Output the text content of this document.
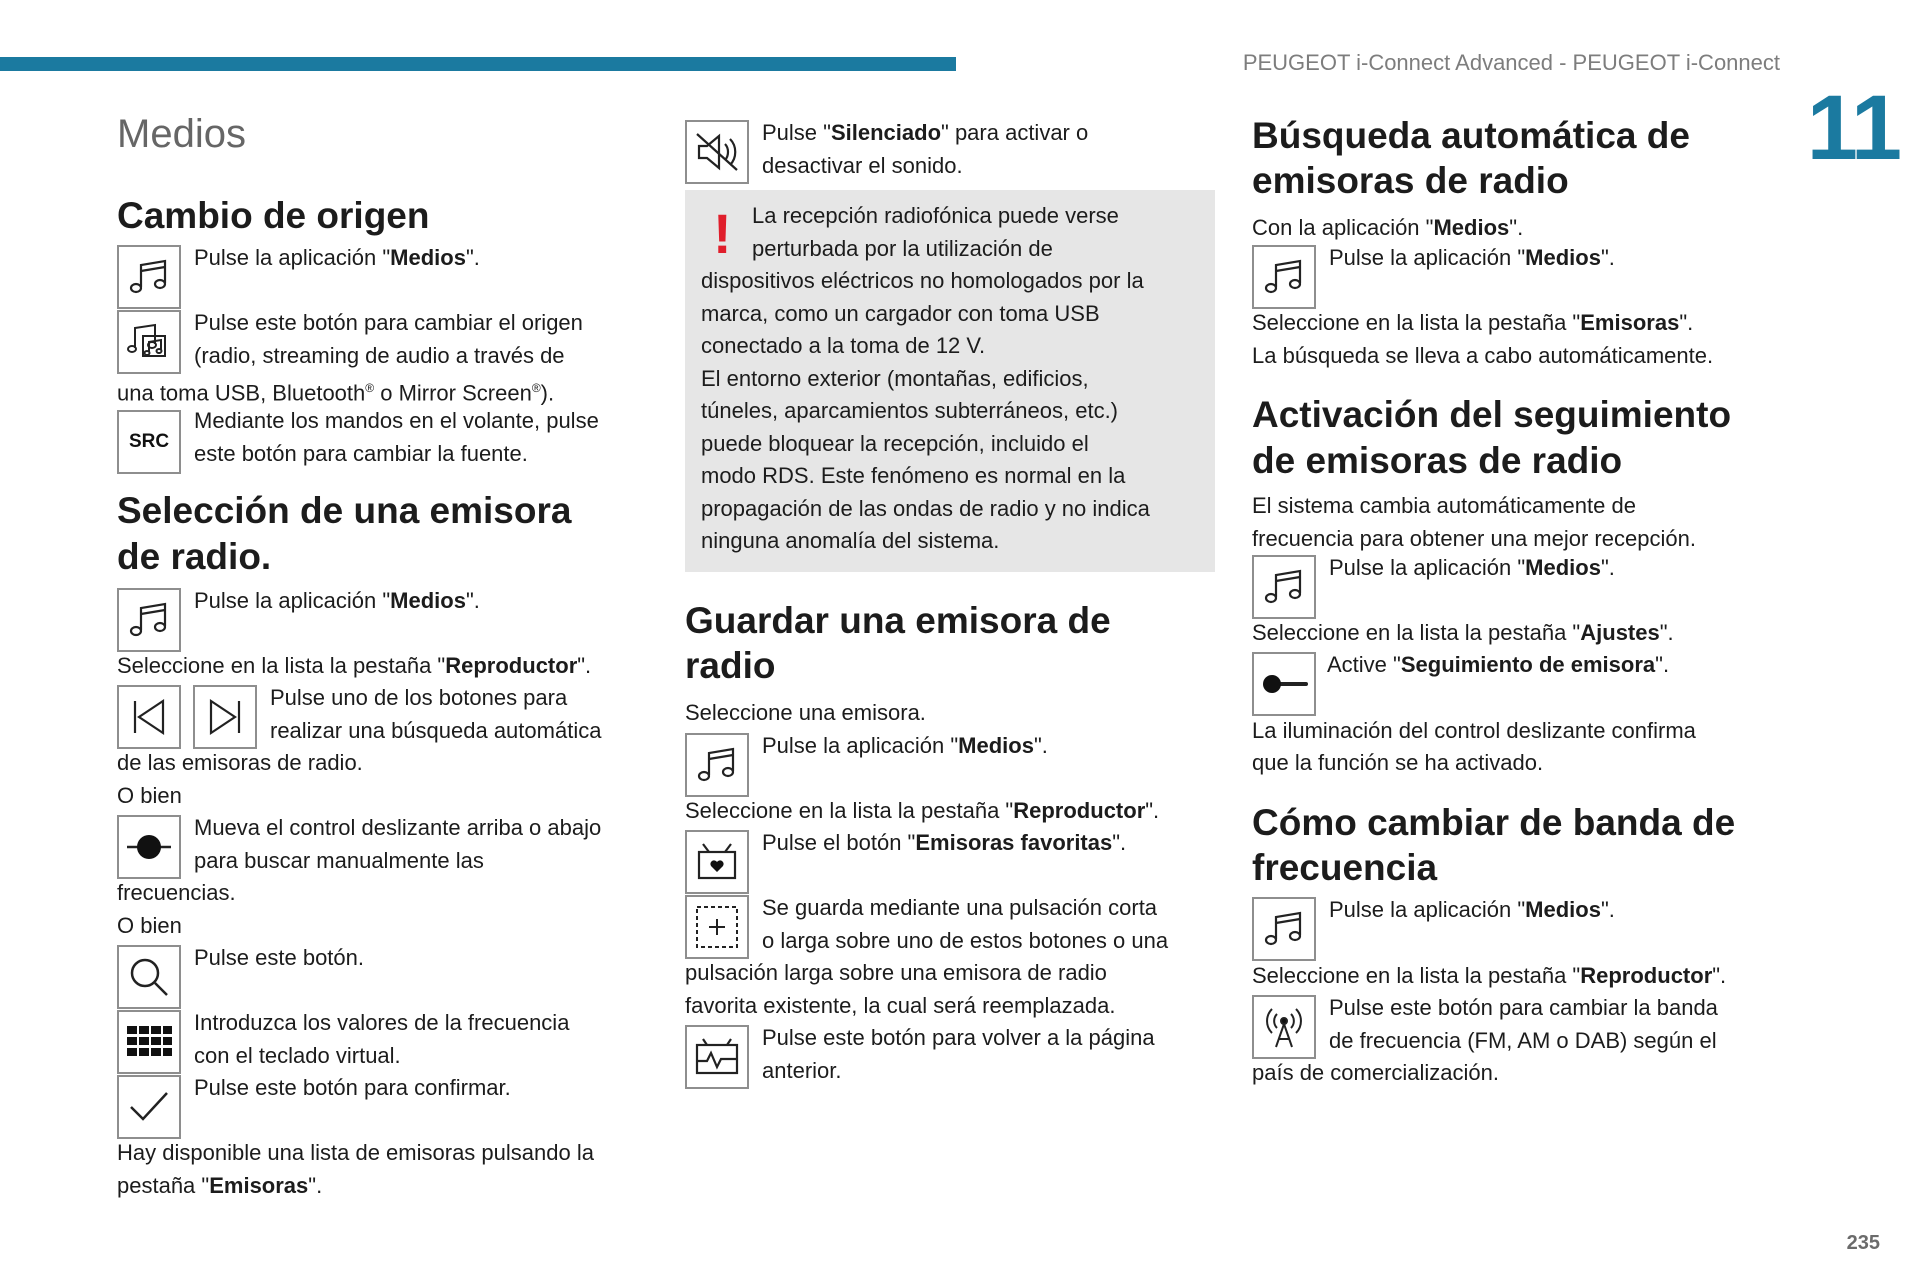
PEUGEOT i-Connect Advanced - PEUGEOT i-Connect
11
235
Medios
Cambio de origen
Pulse la aplicación "Medios".
Pulse este botón para cambiar el origen
(radio, streaming de audio a través de
una toma USB, Bluetooth® o Mirror Screen®).
SRC
Mediante los mandos en el volante, pulse
este botón para cambiar la fuente.
Selección de una emisora
de radio.
Pulse la aplicación "Medios".
Seleccione en la lista la pestaña "Reproductor".
Pulse uno de los botones para
realizar una búsqueda automática
de las emisoras de radio.
O bien
Mueva el control deslizante arriba o abajo
para buscar manualmente las
frecuencias.
O bien
Pulse este botón.
Introduzca los valores de la frecuencia
con el teclado virtual.
Pulse este botón para confirmar.
Hay disponible una lista de emisoras pulsando la
pestaña "Emisoras".
Pulse "Silenciado" para activar o
desactivar el sonido.
! La recepción radiofónica puede verse
perturbada por la utilización de
dispositivos eléctricos no homologados por la
marca, como un cargador con toma USB
conectado a la toma de 12 V.
El entorno exterior (montañas, edificios,
túneles, aparcamientos subterráneos, etc.)
puede bloquear la recepción, incluido el
modo RDS. Este fenómeno es normal en la
propagación de las ondas de radio y no indica
ninguna anomalía del sistema.
Guardar una emisora de
radio
Seleccione una emisora.
Pulse la aplicación "Medios".
Seleccione en la lista la pestaña "Reproductor".
Pulse el botón "Emisoras favoritas".
Se guarda mediante una pulsación corta
o larga sobre uno de estos botones o una
pulsación larga sobre una emisora de radio
favorita existente, la cual será reemplazada.
Pulse este botón para volver a la página
anterior.
Búsqueda automática de
emisoras de radio
Con la aplicación "Medios".
Pulse la aplicación "Medios".
Seleccione en la lista la pestaña "Emisoras".
La búsqueda se lleva a cabo automáticamente.
Activación del seguimiento
de emisoras de radio
El sistema cambia automáticamente de
frecuencia para obtener una mejor recepción.
Pulse la aplicación "Medios".
Seleccione en la lista la pestaña "Ajustes".
Active "Seguimiento de emisora".
La iluminación del control deslizante confirma
que la función se ha activado.
Cómo cambiar de banda de
frecuencia
Pulse la aplicación "Medios".
Seleccione en la lista la pestaña "Reproductor".
Pulse este botón para cambiar la banda
de frecuencia (FM, AM o DAB) según el
país de comercialización.
